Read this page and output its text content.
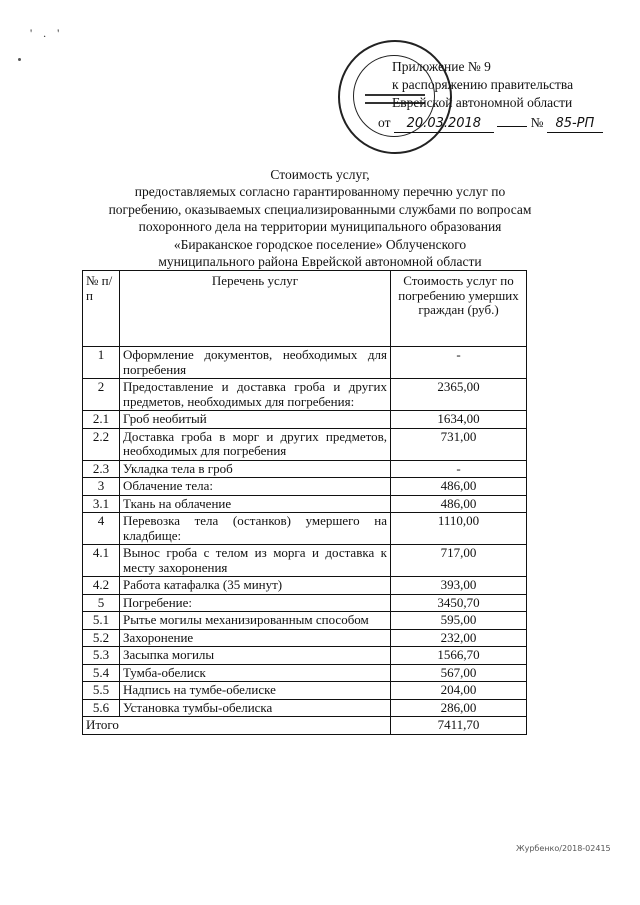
' . '
Приложение № 9
к распоряжению правительства
Еврейской автономной области
от 20.03.2018	№ 85-РП
Стоимость услуг,
предоставляемых согласно гарантированному перечню услуг по
погребению, оказываемых специализированными службами по вопросам
похоронного дела на территории муниципального образования
«Бираканское городское поселение» Облученского
муниципального района Еврейской автономной области
№ п/п	Перечень услуг	Стоимость услуг по погребению умерших граждан (руб.)
1	Оформление документов, необходимых для погребения	-
2	Предоставление и доставка гроба и других предметов, необходимых для погребения:	2365,00
2.1	Гроб необитый	1634,00
2.2	Доставка гроба в морг и других предметов, необходимых для погребения	731,00
2.3	Укладка тела в гроб	-
3	Облачение тела:	486,00
3.1	Ткань на облачение	486,00
4	Перевозка тела (останков) умершего на кладбище:	1110,00
4.1	Вынос гроба с телом из морга и доставка к месту захоронения	717,00
4.2	Работа катафалка (35 минут)	393,00
5	Погребение:	3450,70
5.1	Рытье могилы механизированным способом	595,00
5.2	Захоронение	232,00
5.3	Засыпка могилы	1566,70
5.4	Тумба-обелиск	567,00
5.5	Надпись на тумбе-обелиске	204,00
5.6	Установка тумбы-обелиска	286,00
Итого		7411,70
Журбенко/2018-02415
